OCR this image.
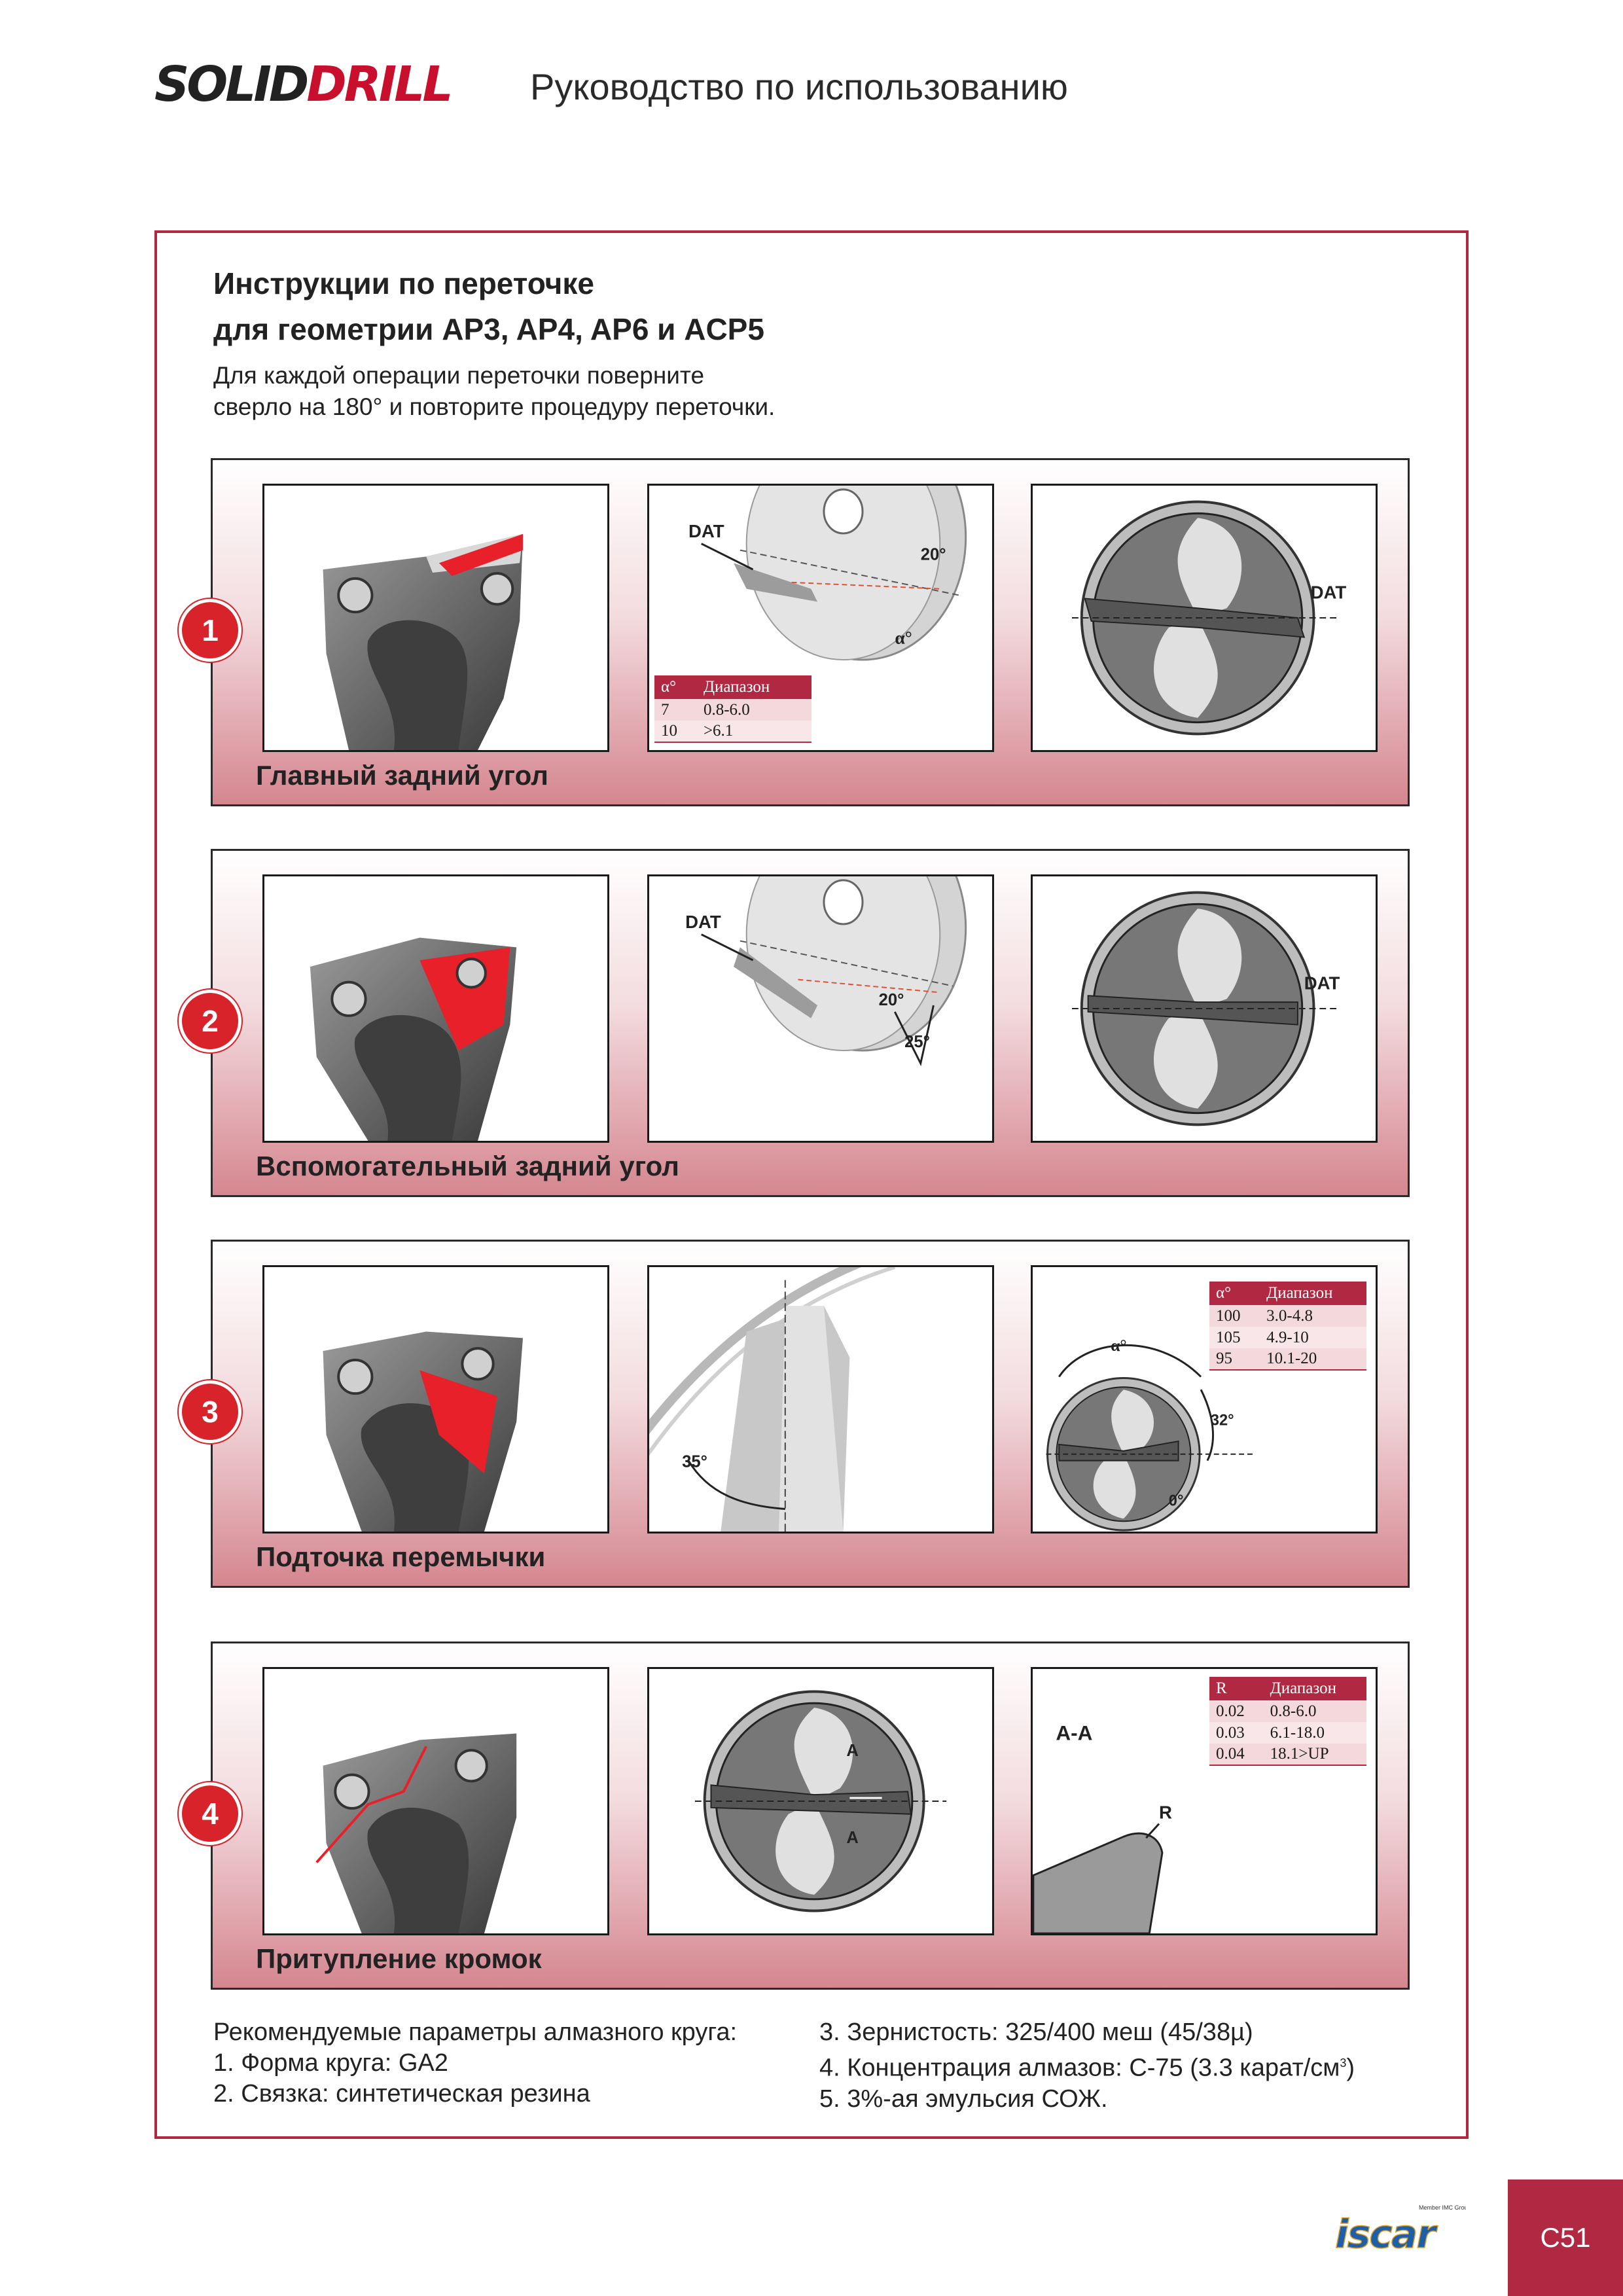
SOLIDDRILL Руководство по использованию
Инструкции по переточке
для геометрии AP3, AP4, AP6 и ACP5
Для каждой операции переточки поверните
сверло на 180° и повторите процедуру переточки.
1
DAT
20°
α°
α°	Диапазон
7	0.8-6.0
10	>6.1
DAT
Главный задний угол
2
DAT
20°
25°
DAT
Вспомогательный задний угол
3
35°
α°
32°
0°
α°	Диапазон
100	3.0-4.8
105	4.9-10
95	10.1-20
Подточка перемычки
4
A
A
A-A
R
R	Диапазон
0.02	0.8-6.0
0.03	6.1-18.0
0.04	18.1>UP
Притупление кромок
Рекомендуемые параметры алмазного круга:
1. Форма круга: GA2
2. Связка: синтетическая резина
3. Зернистость: 325/400 меш (45/38µ)
4. Концентрация алмазов: С-75 (3.3 карат/$см^3$)
5. 3%-ая эмульсия СОЖ.
Member IMC Group
iscar	C51
